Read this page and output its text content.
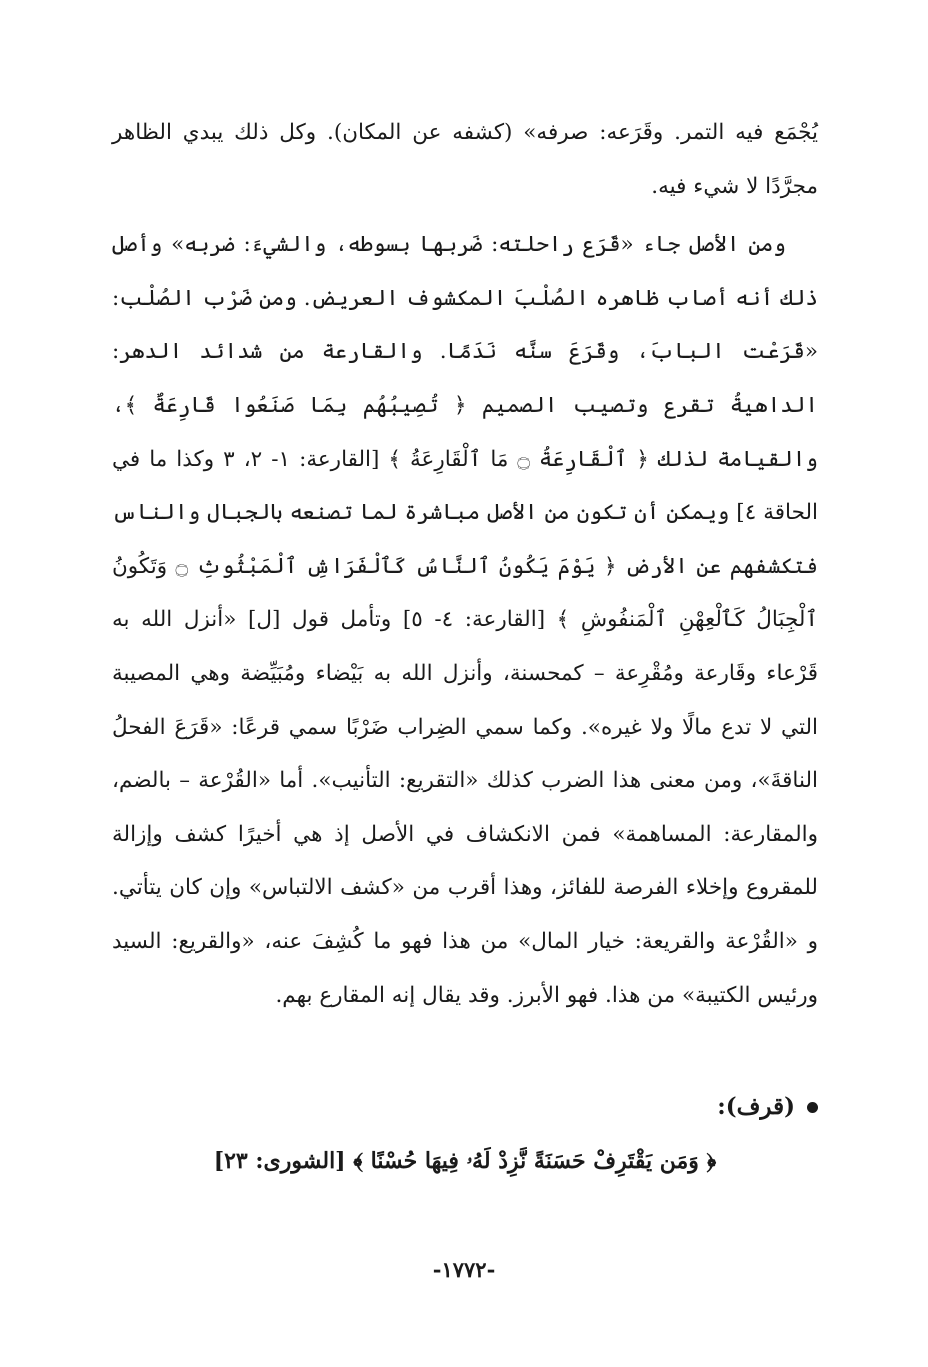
يُجْمَع فيه التمر. وقَرَعه: صرفه» (كشفه عن المكان). وكل ذلك يبدي الظاهر مجرَّدًا لا شيء فيه.

ومن الأصل جاء «قَرَع راحلته: ضَربها بسوطه، والشيءَ: ضربه» وأصل ذلك أنه أصاب ظاهره الصُلْبَ المكشوف العريض. ومن ضَرْب الصُلْب: «قَرَعْت البابَ، وقَرَعَ سنَّه نَدَمًا. والقارعة من شدائد الدهر: الداهيةُ تقرع وتصيب الصميم ﴿ تُصِيبُهُم بِمَا صَنَعُوا قَارِعَةٌ ﴾، والقيامة لذلك ﴿ ٱلْقَارِعَةُ ۝ مَا ٱلْقَارِعَةُ ﴾ [القارعة: ١- ٢، ٣ وكذا ما في الحاقة ٤] ويمكن أن تكون من الأصل مباشرة لما تصنعه بالجبال والناس فتكشفهم عن الأرض ﴿ يَوْمَ يَكُونُ ٱلنَّاسُ كَٱلْفَرَاشِ ٱلْمَبْثُوثِ ۝ وَتَكُونُ ٱلْجِبَالُ كَٱلْعِهْنِ ٱلْمَنفُوشِ ﴾ [القارعة: ٤- ٥] وتأمل قول [ل] «أنزل الله به قَرْعاء وقَارعة ومُقْرِعة – كمحسنة، وأنزل الله به بَيْضاء ومُبَيِّضة وهي المصيبة التي لا تدع مالًا ولا غيره». وكما سمي الضِراب ضَرْبًا سمي قرعًا: «قَرَعَ الفحلُ الناقةَ»، ومن معنى هذا الضرب كذلك «التقريع: التأنيب». أما «القُرْعة – بالضم، والمقارعة: المساهمة» فمن الانكشاف في الأصل إذ هي أخيرًا كشف وإزالة للمقروع وإخلاء الفرصة للفائز، وهذا أقرب من «كشف الالتباس» وإن كان يتأتي. و «القُرْعة والقريعة: خيار المال» من هذا فهو ما كُشِفَ عنه، «والقريع: السيد ورئيس الكتيبة» من هذا. فهو الأبرز. وقد يقال إنه المقارع بهم.

(قرف):
﴿ وَمَن يَقْتَرِفْ حَسَنَةً نَّزِدْ لَهُۥ فِيهَا حُسْنًا ﴾ [الشورى: ٢٣]
-١٧٧٢-
